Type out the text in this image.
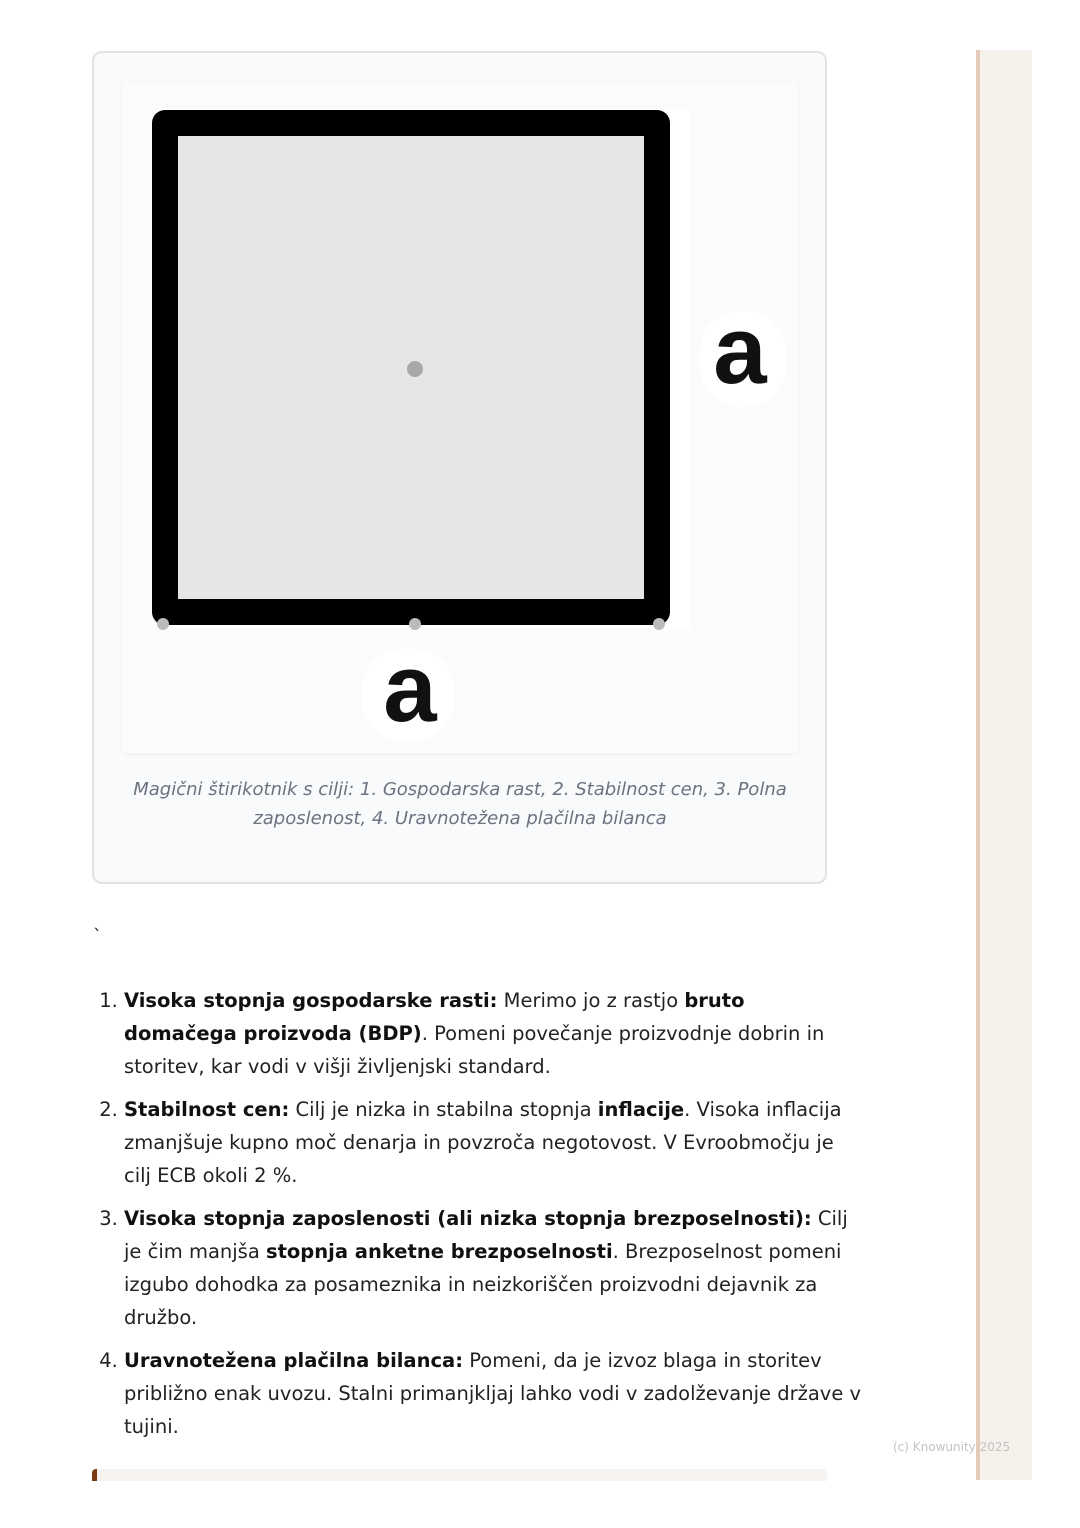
a
a
Magični štirikotnik s cilji: 1. Gospodarska rast, 2. Stabilnost cen, 3. Polna zaposlenost, 4. Uravnotežena plačilna bilanca
`
1. Visoka stopnja gospodarske rasti: Merimo jo z rastjo bruto domačega proizvoda (BDP). Pomeni povečanje proizvodnje dobrin in storitev, kar vodi v višji življenjski standard.
2. Stabilnost cen: Cilj je nizka in stabilna stopnja inflacije. Visoka inflacija zmanjšuje kupno moč denarja in povzroča negotovost. V Evroobmočju je cilj ECB okoli 2 %.
3. Visoka stopnja zaposlenosti (ali nizka stopnja brezposelnosti): Cilj je čim manjša stopnja anketne brezposelnosti. Brezposelnost pomeni izgubo dohodka za posameznika in neizkoriščen proizvodni dejavnik za družbo.
4. Uravnotežena plačilna bilanca: Pomeni, da je izvoz blaga in storitev približno enak uvozu. Stalni primanjkljaj lahko vodi v zadolževanje države v tujini.
(c) Knowunity 2025
